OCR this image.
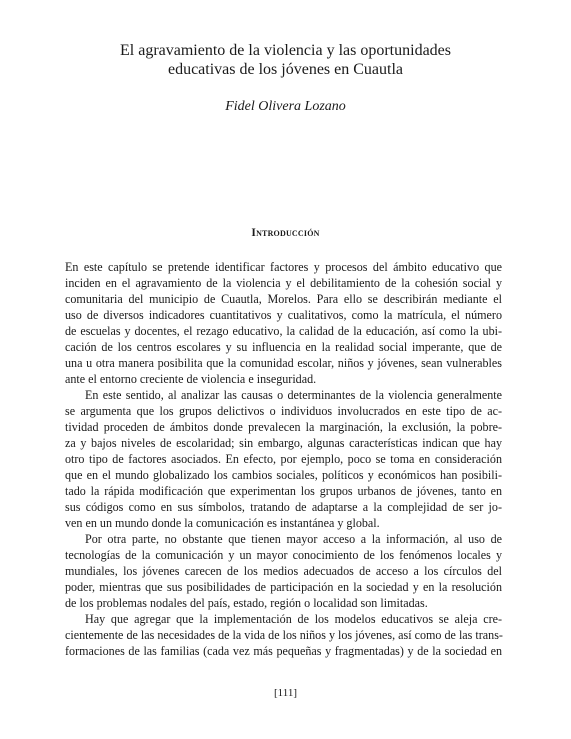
El agravamiento de la violencia y las oportunidades
educativas de los jóvenes en Cuautla
Fidel Olivera Lozano
Introducción
En este capítulo se pretende identificar factores y procesos del ámbito educativo que
inciden en el agravamiento de la violencia y el debilitamiento de la cohesión social y
comunitaria del municipio de Cuautla, Morelos. Para ello se describirán mediante el
uso de diversos indicadores cuantitativos y cualitativos, como la matrícula, el número
de escuelas y docentes, el rezago educativo, la calidad de la educación, así como la ubi-
cación de los centros escolares y su influencia en la realidad social imperante, que de
una u otra manera posibilita que la comunidad escolar, niños y jóvenes, sean vulnerables
ante el entorno creciente de violencia e inseguridad.
En este sentido, al analizar las causas o determinantes de la violencia generalmente
se argumenta que los grupos delictivos o individuos involucrados en este tipo de ac-
tividad proceden de ámbitos donde prevalecen la marginación, la exclusión, la pobre-
za y bajos niveles de escolaridad; sin embargo, algunas características indican que hay
otro tipo de factores asociados. En efecto, por ejemplo, poco se toma en consideración
que en el mundo globalizado los cambios sociales, políticos y económicos han posibili-
tado la rápida modificación que experimentan los grupos urbanos de jóvenes, tanto en
sus códigos como en sus símbolos, tratando de adaptarse a la complejidad de ser jo-
ven en un mundo donde la comunicación es instantánea y global.
Por otra parte, no obstante que tienen mayor acceso a la información, al uso de
tecnologías de la comunicación y un mayor conocimiento de los fenómenos locales y
mundiales, los jóvenes carecen de los medios adecuados de acceso a los círculos del
poder, mientras que sus posibilidades de participación en la sociedad y en la resolución
de los problemas nodales del país, estado, región o localidad son limitadas.
Hay que agregar que la implementación de los modelos educativos se aleja cre-
cientemente de las necesidades de la vida de los niños y los jóvenes, así como de las trans-
formaciones de las familias (cada vez más pequeñas y fragmentadas) y de la sociedad en
[111]
